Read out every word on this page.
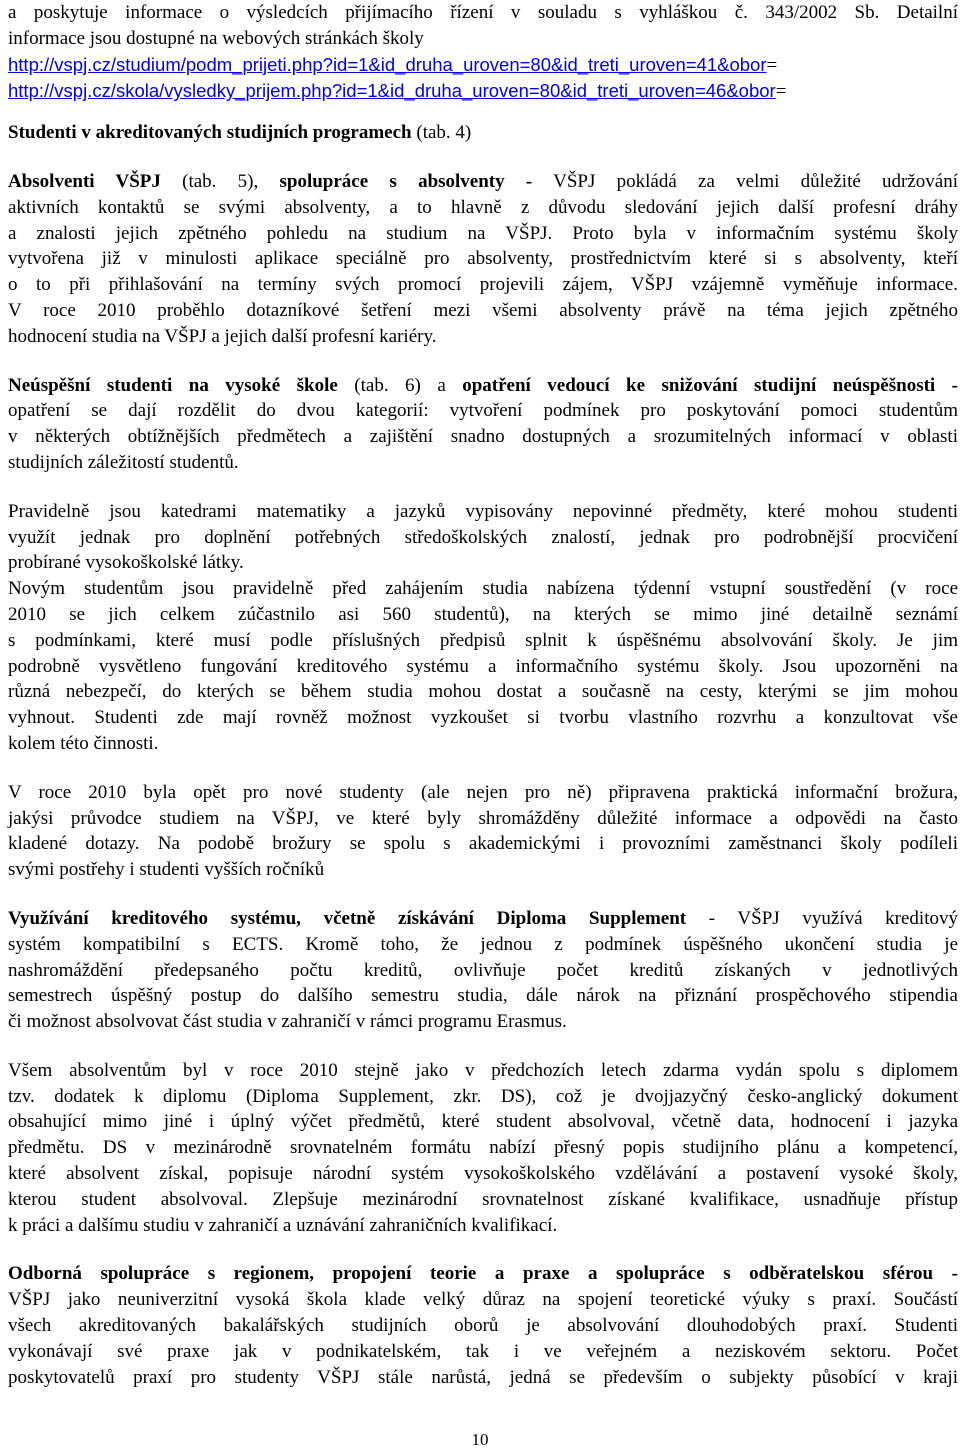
a poskytuje informace o výsledcích přijímacího řízení v souladu s vyhláškou č. 343/2002 Sb. Detailní

informace jsou dostupné na webových stránkách školy

http://vspj.cz/studium/podm_prijeti.php?id=1&id_druha_uroven=80&id_treti_uroven=41&obor=

http://vspj.cz/skola/vysledky_prijem.php?id=1&id_druha_uroven=80&id_treti_uroven=46&obor=

Studenti v akreditovaných studijních programech (tab. 4)

Absolventi VŠPJ (tab. 5), spolupráce s absolventy - VŠPJ pokládá za velmi důležité udržování

aktivních kontaktů se svými absolventy, a to hlavně z důvodu sledování jejich další profesní dráhy

a znalosti jejich zpětného pohledu na studium na VŠPJ. Proto byla v informačním systému školy

vytvořena již v minulosti aplikace speciálně pro absolventy, prostřednictvím které si s absolventy, kteří

o to při přihlašování na termíny svých promocí projevili zájem, VŠPJ vzájemně vyměňuje informace.

V roce 2010 proběhlo dotazníkové šetření mezi všemi absolventy právě na téma jejich zpětného

hodnocení studia na VŠPJ a jejich další profesní kariéry.

Neúspěšní studenti na vysoké škole (tab. 6) a opatření vedoucí ke snižování studijní neúspěšnosti -

opatření se dají rozdělit do dvou kategorií: vytvoření podmínek pro poskytování pomoci studentům

v některých obtížnějších předmětech a zajištění snadno dostupných a srozumitelných informací v oblasti

studijních záležitostí studentů.

Pravidelně jsou katedrami matematiky a jazyků vypisovány nepovinné předměty, které mohou studenti

využít jednak pro doplnění potřebných středoškolských znalostí, jednak pro podrobnější procvičení

probírané vysokoškolské látky.

Novým studentům jsou pravidelně před zahájením studia nabízena týdenní vstupní soustředění (v roce

2010 se jich celkem zúčastnilo asi 560 studentů), na kterých se mimo jiné detailně seznámí

s podmínkami, které musí podle příslušných předpisů splnit k úspěšnému absolvování školy. Je jim

podrobně vysvětleno fungování kreditového systému a informačního systému školy. Jsou upozorněni na

různá nebezpečí, do kterých se během studia mohou dostat a současně na cesty, kterými se jim mohou

vyhnout. Studenti zde mají rovněž možnost vyzkoušet si tvorbu vlastního rozvrhu a konzultovat vše

kolem této činnosti.

V roce 2010 byla opět pro nové studenty (ale nejen pro ně) připravena praktická informační brožura,

jakýsi průvodce studiem na VŠPJ, ve které byly shromážděny důležité informace a odpovědi na často

kladené dotazy. Na podobě brožury se spolu s akademickými i provozními zaměstnanci školy podíleli

svými postřehy i studenti vyšších ročníků

Využívání kreditového systému, včetně získávání Diploma Supplement - VŠPJ využívá kreditový

systém kompatibilní s ECTS. Kromě toho, že jednou z podmínek úspěšného ukončení studia je

nashromáždění předepsaného počtu kreditů, ovlivňuje počet kreditů získaných v jednotlivých

semestrech úspěšný postup do dalšího semestru studia, dále nárok na přiznání prospěchového stipendia

či možnost absolvovat část studia v zahraničí v rámci programu Erasmus.

Všem absolventům byl v roce 2010 stejně jako v předchozích letech zdarma vydán spolu s diplomem

tzv. dodatek k diplomu (Diploma Supplement, zkr. DS), což je dvojjazyčný česko-anglický dokument

obsahující mimo jiné i úplný výčet předmětů, které student absolvoval, včetně data, hodnocení i jazyka

předmětu. DS v mezinárodně srovnatelném formátu nabízí přesný popis studijního plánu a kompetencí,

které absolvent získal, popisuje národní systém vysokoškolského vzdělávání a postavení vysoké školy,

kterou student absolvoval. Zlepšuje mezinárodní srovnatelnost získané kvalifikace, usnadňuje přístup

k práci a dalšímu studiu v zahraničí a uznávání zahraničních kvalifikací.

Odborná spolupráce s regionem, propojení teorie a praxe a spolupráce s odběratelskou sférou -

VŠPJ jako neuniverzitní vysoká škola klade velký důraz na spojení teoretické výuky s praxí. Součástí

všech akreditovaných bakalářských studijních oborů je absolvování dlouhodobých praxí. Studenti

vykonávají své praxe jak v podnikatelském, tak i ve veřejném a neziskovém sektoru. Počet

poskytovatelů praxí pro studenty VŠPJ stále narůstá, jedná se především o subjekty působící v kraji

10
